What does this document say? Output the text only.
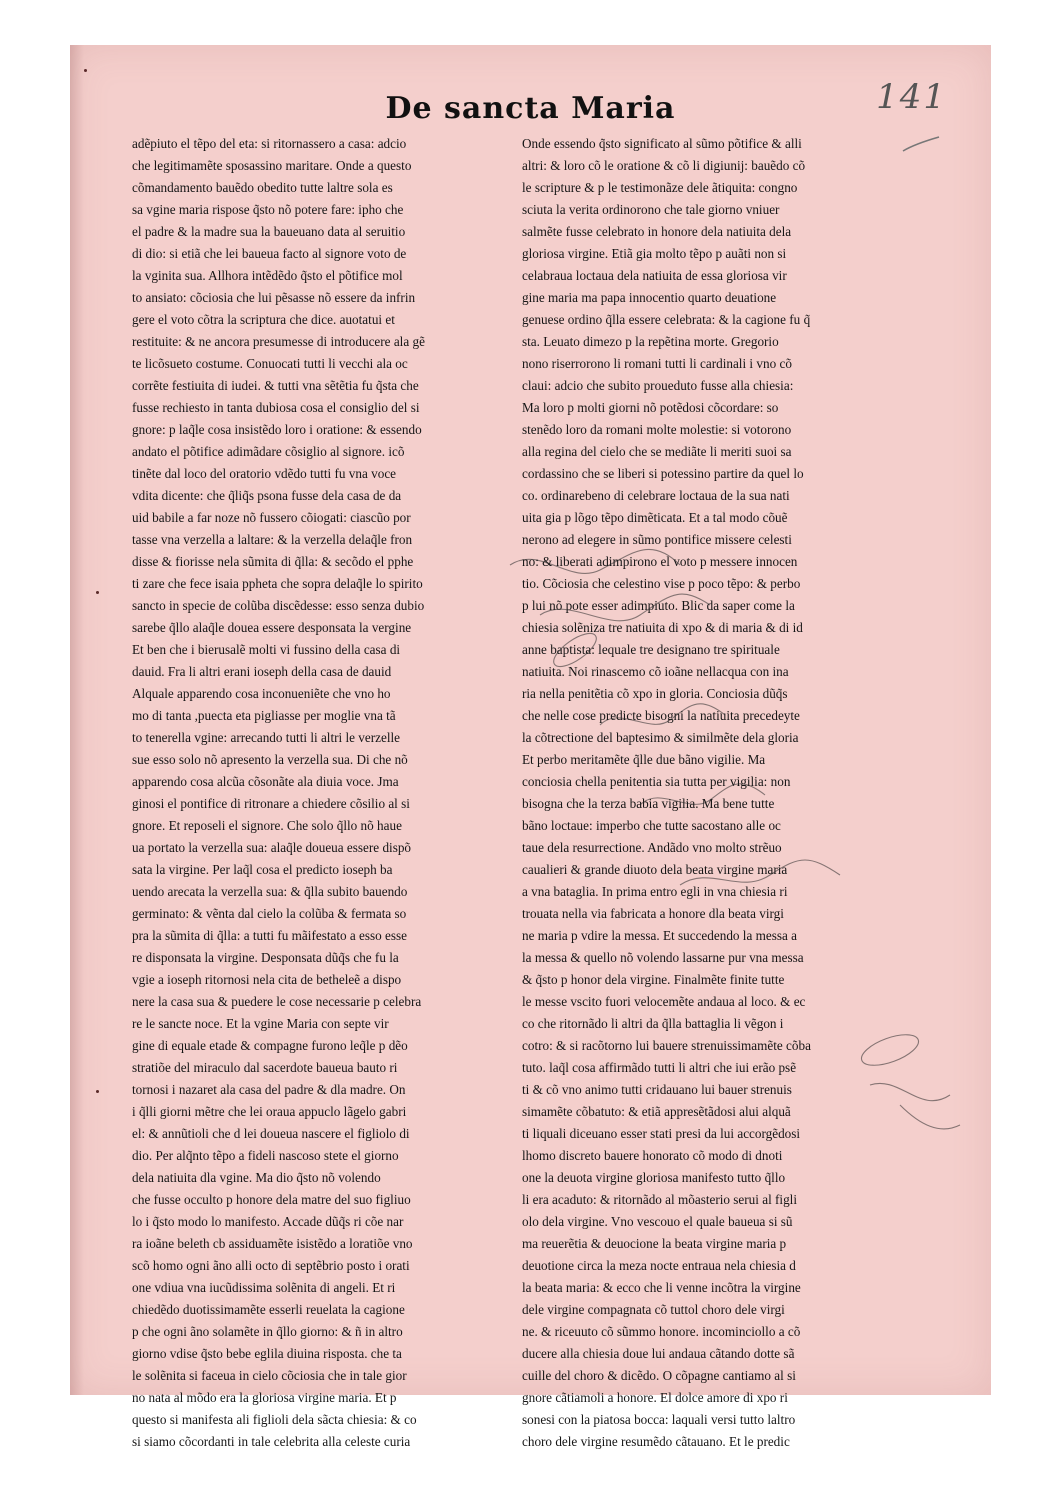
141
De sancta Maria
adẽpiuto el tẽpo del eta: si ritornassero a casa: adcio
che legitimamẽte sposassino maritare. Onde a questo
cõmandamento bauẽdo obedito tutte laltre sola es
sa vgine maria rispose q̃sto nõ potere fare: ipho che
el padre & la madre sua la baueuano data al seruitio
di dio: si etiã che lei baueua facto al signore voto de
la vginita sua. Allhora intẽdẽdo q̃sto el põtifice mol
to ansiato: cõciosia che lui pẽsasse nõ essere da infrin
gere el voto cõtra la scriptura che dice. auotatui et
restituite: & ne ancora presumesse di introducere ala gẽ
te licõsueto costume. Conuocati tutti li vecchi ala oc
corrẽte festiuita di iudei. & tutti vna sẽtẽtia fu q̃sta che
fusse rechiesto in tanta dubiosa cosa el consiglio del si
gnore: p laq̃le cosa insistẽdo loro i oratione: & essendo
andato el põtifice adimãdare cõsiglio al signore. icõ
tinẽte dal loco del oratorio vdẽdo tutti fu vna voce
vdita dicente: che q̃liq̃s psona fusse dela casa de da
uid babile a far noze nõ fussero cõiogati: ciascũo por
tasse vna verzella a laltare: & la verzella delaq̃le fron
disse & fiorisse nela sũmita di q̃lla: & secõdo el pphe
ti zare che fece isaia ppheta che sopra delaq̃le lo spirito
sancto in specie de colũba discẽdesse: esso senza dubio
sarebe q̃llo alaq̃le douea essere desponsata la vergine
Et ben che i bierusalẽ molti vi fussino della casa di
dauid. Fra li altri erani ioseph della casa de dauid
Alquale apparendo cosa inconueniẽte che vno ho
mo di tanta ,puecta eta pigliasse per moglie vna tã
to tenerella vgine: arrecando tutti li altri le verzelle
sue esso solo nõ apresento la verzella sua. Di che nõ
apparendo cosa alcũa cõsonãte ala diuia voce. Jma
ginosi el pontifice di ritronare a chiedere cõsilio al si
gnore. Et reposeli el signore. Che solo q̃llo nõ haue
ua portato la verzella sua: alaq̃le doueua essere dispõ
sata la virgine. Per laq̃l cosa el predicto ioseph ba
uendo arecata la verzella sua: & q̃lla subito bauendo
germinato: & vẽnta dal cielo la colũba & fermata so
pra la sũmita di q̃lla: a tutti fu mãifestato a esso esse
re disponsata la virgine. Desponsata dũq̃s che fu la
vgie a ioseph ritornosi nela cita de betheleẽ a dispo
nere la casa sua & puedere le cose necessarie p celebra
re le sancte noce. Et la vgine Maria con septe vir
gine di equale etade & compagne furono leq̃le p dẽo
stratiõe del miraculo dal sacerdote baueua bauto ri
tornosi i nazaret ala casa del padre & dla madre. On
i q̃lli giorni mẽtre che lei oraua appuclo lãgelo gabri
el: & annũtioli che d lei doueua nascere el figliolo di
dio. Per alq̃nto tẽpo a fideli nascoso stete el giorno
dela natiuita dla vgine. Ma dio q̃sto nõ volendo
che fusse occulto p honore dela matre del suo figliuo
lo i q̃sto modo lo manifesto. Accade dũq̃s ri cõe nar
ra ioãne beleth cb assiduamẽte isistẽdo a loratiõe vno
scõ homo ogni ãno alli octo di septẽbrio posto i orati
one vdiua vna iucũdissima solẽnita di angeli. Et ri
chiedẽdo duotissimamẽte esserli reuelata la cagione
p che ogni ãno solamẽte in q̃llo giorno: & ñ in altro
giorno vdise q̃sto bebe eglila diuina risposta. che ta
le solẽnita si faceua in cielo cõciosia che in tale gior
no nata al mõdo era la gloriosa virgine maria. Et p
questo si manifesta ali figlioli dela sãcta chiesia: & co
si siamo cõcordanti in tale celebrita alla celeste curia
Onde essendo q̃sto significato al sũmo põtifice & alli
altri: & loro cõ le oratione & cõ li digiunij: bauẽdo cõ
le scripture & p le testimonãze dele ãtiquita: congno
sciuta la verita ordinorono che tale giorno vniuer
salmẽte fusse celebrato in honore dela natiuita dela
gloriosa virgine. Etiã gia molto tẽpo p auãti non si
celabraua loctaua dela natiuita de essa gloriosa vir
gine maria ma papa innocentio quarto deuatione
genuese ordino q̃lla essere celebrata: & la cagione fu q̃
sta. Leuato dimezo p la repẽtina morte. Gregorio
nono riserrorono li romani tutti li cardinali i vno cõ
claui: adcio che subito proueduto fusse alla chiesia:
Ma loro p molti giorni nõ potẽdosi cõcordare: so
stenẽdo loro da romani molte molestie: si votorono
alla regina del cielo che se mediãte li meriti suoi sa
cordassino che se liberi si potessino partire da quel lo
co. ordinarebeno di celebrare loctaua de la sua nati
uita gia p lõgo tẽpo dimẽticata. Et a tal modo cõuẽ
nerono ad elegere in sũmo pontifice missere celesti
no: & liberati adimpirono el voto p messere innocen
tio. Cõciosia che celestino vise p poco tẽpo: & perbo
p lui nõ pote esser adimpiuto. Blic da saper come la
chiesia solẽniza tre natiuita di xpo & di maria & di id
anne baptista: lequale tre designano tre spirituale
natiuita. Noi rinascemo cõ ioãne nellacqua con ina
ria nella penitẽtia cõ xpo in gloria. Conciosia dũq̃s
che nelle cose predicte bisogni la natiuita precedeyte
la cõtrectione del baptesimo & similmẽte dela gloria
Et perbo meritamẽte q̃lle due bãno vigilie. Ma
conciosia chella penitentia sia tutta per vigilia: non
bisogna che la terza babia vigilia. Ma bene tutte
bãno loctaue: imperbo che tutte sacostano alle oc
taue dela resurrectione. Andãdo vno molto strẽuo
caualieri & grande diuoto dela beata virgine maria
a vna bataglia. In prima entro egli in vna chiesia ri
trouata nella via fabricata a honore dla beata virgi
ne maria p vdire la messa. Et succedendo la messa a
la messa & quello nõ volendo lassarne pur vna messa
& q̃sto p honor dela virgine. Finalmẽte finite tutte
le messe vscito fuori velocemẽte andaua al loco. & ec
co che ritornãdo li altri da q̃lla battaglia li vẽgon i
cotro: & si racõtorno lui bauere strenuissimamẽte cõba
tuto. laq̃l cosa affirmãdo tutti li altri che iui erão psẽ
ti & cõ vno animo tutti cridauano lui bauer strenuis
simamẽte cõbatuto: & etiã appresẽtãdosi alui alquã
ti liquali diceuano esser stati presi da lui accorgẽdosi
lhomo discreto bauere honorato cõ modo di dnoti
one la deuota virgine gloriosa manifesto tutto q̃llo
li era acaduto: & ritornãdo al mõasterio serui al figli
olo dela virgine. Vno vescouo el quale baueua si sũ
ma reuerẽtia & deuocione la beata virgine maria p
deuotione circa la meza nocte entraua nela chiesia d
la beata maria: & ecco che li venne incõtra la virgine
dele virgine compagnata cõ tuttol choro dele virgi
ne. & riceuuto cõ sũmmo honore. incominciollo a cõ
ducere alla chiesia doue lui andaua cãtando dotte sã
cuille del choro & dicẽdo. O cõpagne cantiamo al si
gnore cãtiamoli a honore. El dolce amore di xpo ri
sonesi con la piatosa bocca: laquali versi tutto laltro
choro dele virgine resumẽdo cãtauano. Et le predic
